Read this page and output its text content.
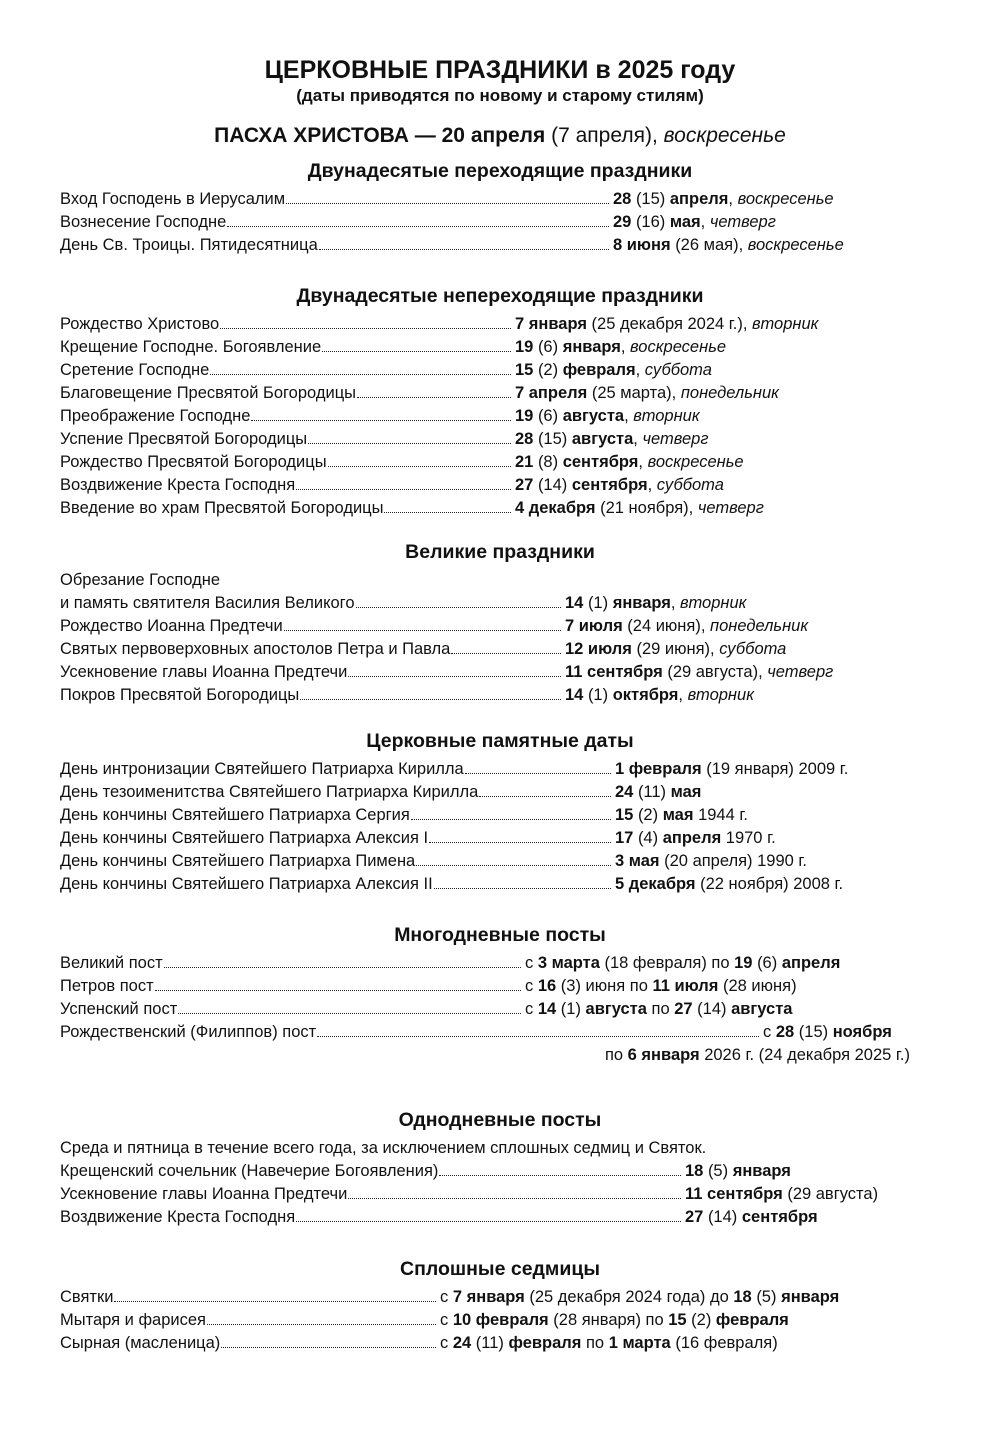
ЦЕРКОВНЫЕ ПРАЗДНИКИ в 2025 году
(даты приводятся по новому и старому стилям)
ПАСХА ХРИСТОВА — 20 апреля (7 апреля), воскресенье
Двунадесятые переходящие праздники
Вход Господень в Иерусалим	28 (15) апреля, воскресенье
Вознесение Господне	29 (16) мая, четверг
День Св. Троицы. Пятидесятница	8 июня (26 мая), воскресенье
Двунадесятые непереходящие праздники
Рождество Христово	7 января (25 декабря 2024 г.), вторник
Крещение Господне. Богоявление	19 (6) января, воскресенье
Сретение Господне	15 (2) февраля, суббота
Благовещение Пресвятой Богородицы	7 апреля (25 марта), понедельник
Преображение Господне	19 (6) августа, вторник
Успение Пресвятой Богородицы	28 (15) августа, четверг
Рождество Пресвятой Богородицы	21 (8) сентября, воскресенье
Воздвижение Креста Господня	27 (14) сентября, суббота
Введение во храм Пресвятой Богородицы	4 декабря (21 ноября), четверг
Великие праздники
Обрезание Господне
и память святителя Василия Великого	14 (1) января, вторник
Рождество Иоанна Предтечи	7 июля (24 июня), понедельник
Святых первоверховных апостолов Петра и Павла	12 июля (29 июня), суббота
Усекновение главы Иоанна Предтечи	11 сентября (29 августа), четверг
Покров Пресвятой Богородицы	14 (1) октября, вторник
Церковные памятные даты
День интронизации Святейшего Патриарха Кирилла	1 февраля (19 января) 2009 г.
День тезоименитства Святейшего Патриарха Кирилла	24 (11) мая
День кончины Святейшего Патриарха Сергия	15 (2) мая 1944 г.
День кончины Святейшего Патриарха Алексия I	17 (4) апреля 1970 г.
День кончины Святейшего Патриарха Пимена	3 мая (20 апреля) 1990 г.
День кончины Святейшего Патриарха Алексия II	5 декабря (22 ноября) 2008 г.
Многодневные посты
Великий пост	с 3 марта (18 февраля) по 19 (6) апреля
Петров пост	с 16 (3) июня по 11 июля (28 июня)
Успенский пост	с 14 (1) августа по 27 (14) августа
Рождественский (Филиппов) пост	с 28 (15) ноября
по 6 января 2026 г. (24 декабря 2025 г.)
Однодневные посты
Среда и пятница в течение всего года, за исключением сплошных седмиц и Святок.
Крещенский сочельник (Навечерие Богоявления)	18 (5) января
Усекновение главы Иоанна Предтечи	11 сентября (29 августа)
Воздвижение Креста Господня	27 (14) сентября
Сплошные седмицы
Святки	с 7 января (25 декабря 2024 года) до 18 (5) января
Мытаря и фарисея	с 10 февраля (28 января) по 15 (2) февраля
Сырная (масленица)	с 24 (11) февраля по 1 марта (16 февраля)
